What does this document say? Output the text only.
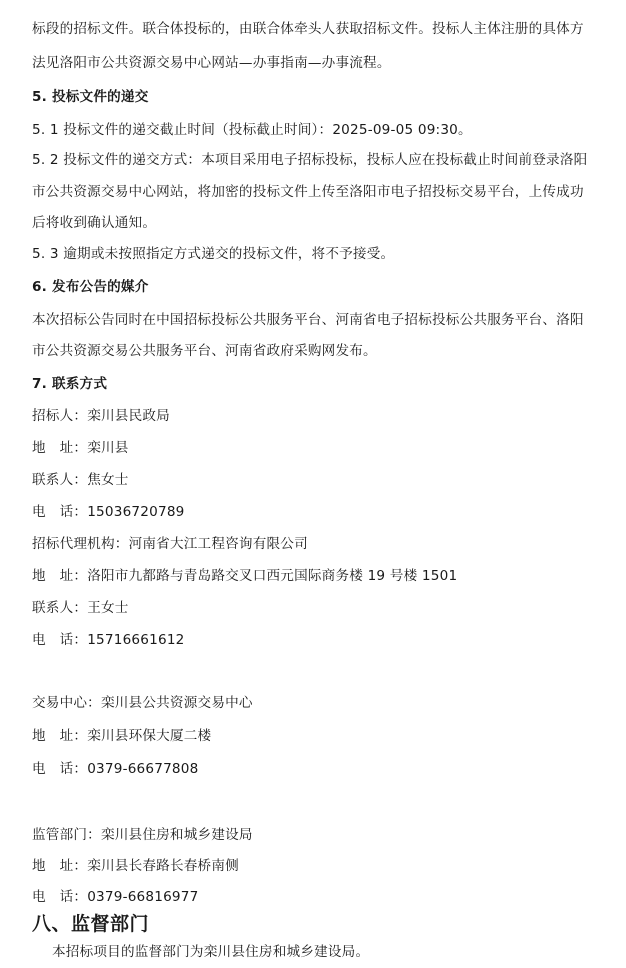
标段的招标文件。联合体投标的，由联合体牵头人获取招标文件。投标人主体注册的具体方
法见洛阳市公共资源交易中心网站—办事指南—办事流程。
5. 投标文件的递交
5. 1 投标文件的递交截止时间（投标截止时间）：2025-09-05 09:30。
5. 2 投标文件的递交方式：本项目采用电子招标投标，投标人应在投标截止时间前登录洛阳
市公共资源交易中心网站，将加密的投标文件上传至洛阳市电子招投标交易平台，上传成功
后将收到确认通知。
5. 3 逾期或未按照指定方式递交的投标文件，将不予接受。
6. 发布公告的媒介
本次招标公告同时在中国招标投标公共服务平台、河南省电子招标投标公共服务平台、洛阳
市公共资源交易公共服务平台、河南省政府采购网发布。
7. 联系方式
招标人：栾川县民政局
地　址：栾川县
联系人：焦女士
电　话：15036720789
招标代理机构：河南省大江工程咨询有限公司
地　址：洛阳市九都路与青岛路交叉口西元国际商务楼 19 号楼 1501
联系人：王女士
电　话：15716661612
交易中心：栾川县公共资源交易中心
地　址：栾川县环保大厦二楼
电　话：0379-66677808
监管部门：栾川县住房和城乡建设局
地　址：栾川县长春路长春桥南侧
电　话：0379-66816977
八、监督部门
本招标项目的监督部门为栾川县住房和城乡建设局。
